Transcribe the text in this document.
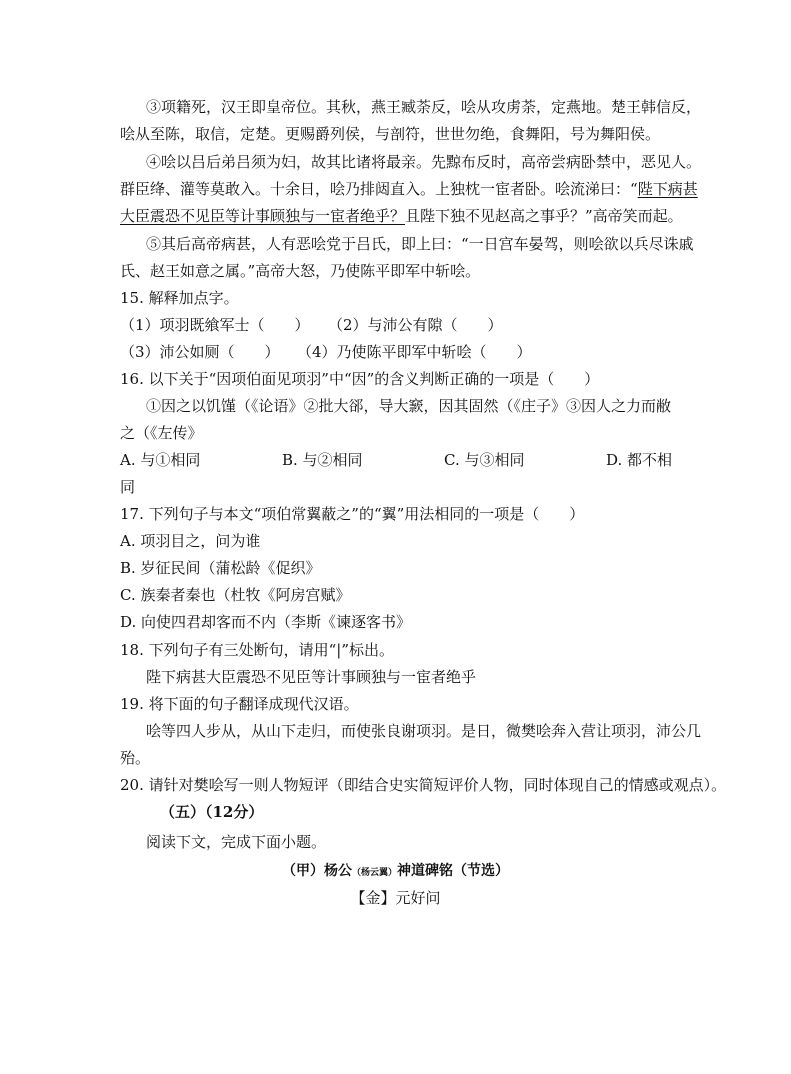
③项籍死，汉王即皇帝位。其秋，燕王臧荼反，哙从攻虏荼，定燕地。楚王韩信反，
哙从至陈，取信，定楚。更赐爵列侯，与剖符，世世勿绝，食舞阳，号为舞阳侯。
④哙以吕后弟吕须为妇，故其比诸将最亲。先黥布反时，高帝尝病卧禁中，恶见人。
群臣绛、灌等莫敢入。十余日，哙乃排闼直入。上独枕一宦者卧。哙流涕曰：“陛下病甚
大臣震恐不见臣等计事顾独与一宦者绝乎？且陛下独不见赵高之事乎？”高帝笑而起。
⑤其后高帝病甚，人有恶哙党于吕氏，即上曰：“一日宫车晏驾，则哙欲以兵尽诛戚
氏、赵王如意之属。”高帝大怒，乃使陈平即军中斩哙。
15. 解释加点字。
（1）项羽既飨军士（　　） （2）与沛公有隙（　　）
（3）沛公如厕（　　） （4）乃使陈平即军中斩哙（　　）
16. 以下关于“因项伯面见项羽”中“因”的含义判断正确的一项是（　　）
①因之以饥馑（《论语》②批大郤，导大窾，因其固然（《庄子》③因人之力而敝
之（《左传》
A. 与①相同	B. 与②相同	C. 与③相同	D. 都不相
同
17. 下列句子与本文“项伯常翼蔽之”的“翼”用法相同的一项是（　　）
A. 项羽目之，问为谁
B. 岁征民间（蒲松龄《促织》
C. 族秦者秦也（杜牧《阿房宫赋》
D. 向使四君却客而不内（李斯《谏逐客书》
18. 下列句子有三处断句，请用“|”标出。
陛下病甚大臣震恐不见臣等计事顾独与一宦者绝乎
19. 将下面的句子翻译成现代汉语。
哙等四人步从，从山下走归，而使张良谢项羽。是日，微樊哙奔入营让项羽，沛公几
殆。
20. 请针对樊哙写一则人物短评（即结合史实简短评价人物，同时体现自己的情感或观点）。
（五）（12分）
阅读下文，完成下面小题。
（甲）杨公（杨云翼）神道碑铭（节选）
【金】元好问
